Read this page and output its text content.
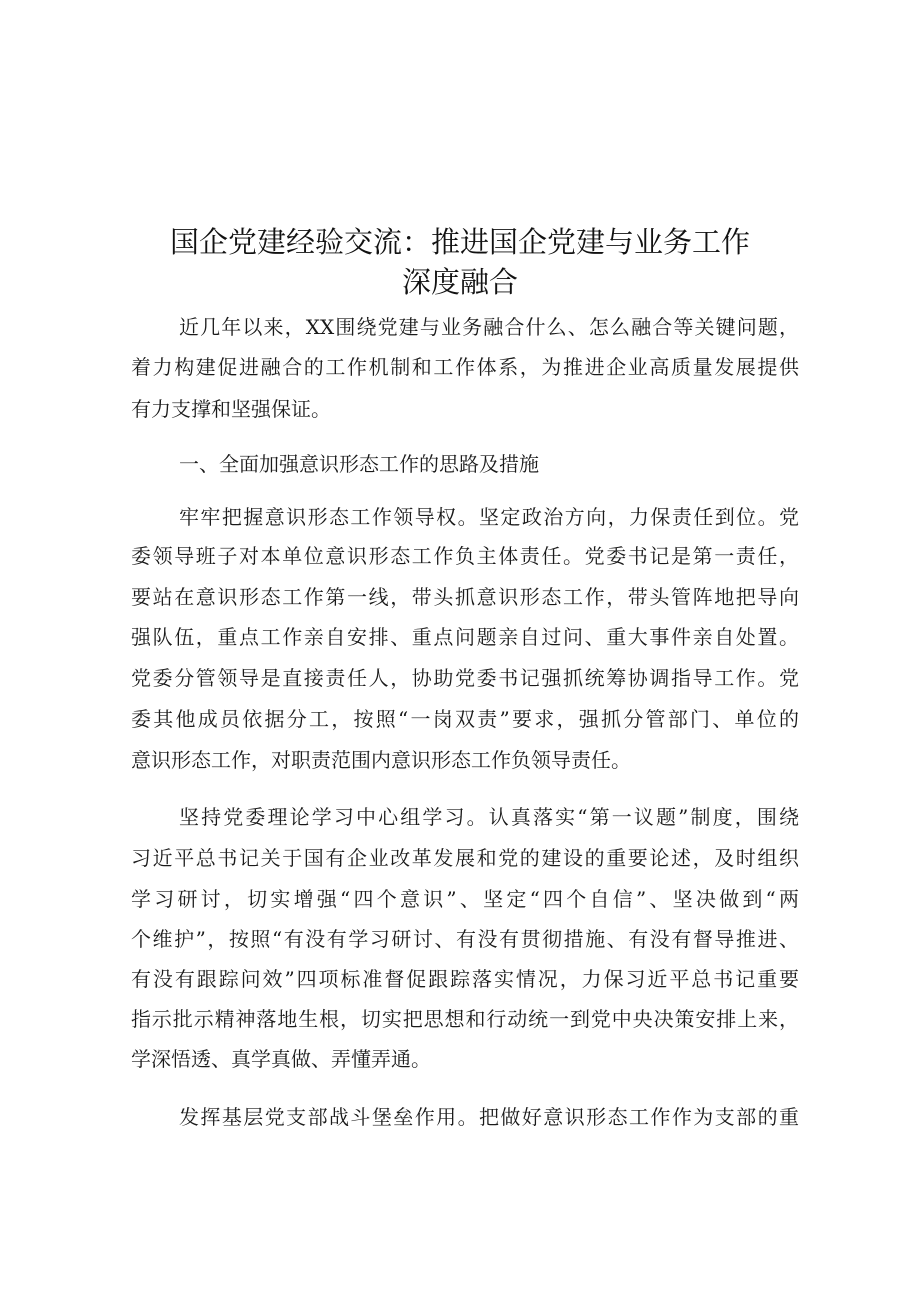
国企党建经验交流：推进国企党建与业务工作
深度融合
近几年以来，XX围绕党建与业务融合什么、怎么融合等关键问题，
着力构建促进融合的工作机制和工作体系，为推进企业高质量发展提供
有力支撑和坚强保证。
一、全面加强意识形态工作的思路及措施
牢牢把握意识形态工作领导权。坚定政治方向，力保责任到位。党
委领导班子对本单位意识形态工作负主体责任。党委书记是第一责任，
要站在意识形态工作第一线，带头抓意识形态工作，带头管阵地把导向
强队伍，重点工作亲自安排、重点问题亲自过问、重大事件亲自处置。
党委分管领导是直接责任人，协助党委书记强抓统筹协调指导工作。党
委其他成员依据分工，按照“一岗双责”要求，强抓分管部门、单位的
意识形态工作，对职责范围内意识形态工作负领导责任。
坚持党委理论学习中心组学习。认真落实“第一议题”制度，围绕
习近平总书记关于国有企业改革发展和党的建设的重要论述，及时组织
学习研讨，切实增强“四个意识”、坚定“四个自信”、坚决做到“两
个维护”，按照“有没有学习研讨、有没有贯彻措施、有没有督导推进、
有没有跟踪问效”四项标准督促跟踪落实情况，力保习近平总书记重要
指示批示精神落地生根，切实把思想和行动统一到党中央决策安排上来，
学深悟透、真学真做、弄懂弄通。
发挥基层党支部战斗堡垒作用。把做好意识形态工作作为支部的重
